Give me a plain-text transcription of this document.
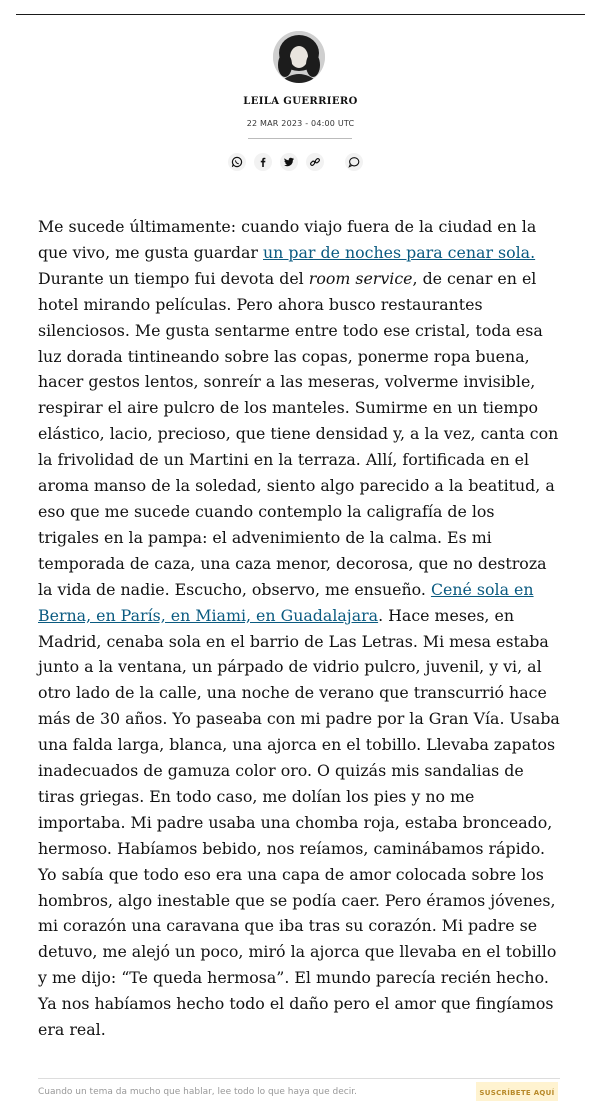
LEILA GUERRIERO
22 MAR 2023 - 04:00 UTC
Me sucede últimamente: cuando viajo fuera de la ciudad en la
que vivo, me gusta guardar un par de noches para cenar sola.
Durante un tiempo fui devota del room service, de cenar en el
hotel mirando películas. Pero ahora busco restaurantes
silenciosos. Me gusta sentarme entre todo ese cristal, toda esa
luz dorada tintineando sobre las copas, ponerme ropa buena,
hacer gestos lentos, sonreír a las meseras, volverme invisible,
respirar el aire pulcro de los manteles. Sumirme en un tiempo
elástico, lacio, precioso, que tiene densidad y, a la vez, canta con
la frivolidad de un Martini en la terraza. Allí, fortificada en el
aroma manso de la soledad, siento algo parecido a la beatitud, a
eso que me sucede cuando contemplo la caligrafía de los
trigales en la pampa: el advenimiento de la calma. Es mi
temporada de caza, una caza menor, decorosa, que no destroza
la vida de nadie. Escucho, observo, me ensueño. Cené sola en
Berna, en París, en Miami, en Guadalajara. Hace meses, en
Madrid, cenaba sola en el barrio de Las Letras. Mi mesa estaba
junto a la ventana, un párpado de vidrio pulcro, juvenil, y vi, al
otro lado de la calle, una noche de verano que transcurrió hace
más de 30 años. Yo paseaba con mi padre por la Gran Vía. Usaba
una falda larga, blanca, una ajorca en el tobillo. Llevaba zapatos
inadecuados de gamuza color oro. O quizás mis sandalias de
tiras griegas. En todo caso, me dolían los pies y no me
importaba. Mi padre usaba una chomba roja, estaba bronceado,
hermoso. Habíamos bebido, nos reíamos, caminábamos rápido.
Yo sabía que todo eso era una capa de amor colocada sobre los
hombros, algo inestable que se podía caer. Pero éramos jóvenes,
mi corazón una caravana que iba tras su corazón. Mi padre se
detuvo, me alejó un poco, miró la ajorca que llevaba en el tobillo
y me dijo: “Te queda hermosa”. El mundo parecía recién hecho.
Ya nos habíamos hecho todo el daño pero el amor que fingíamos
era real.
Cuando un tema da mucho que hablar, lee todo lo que haya que decir.	SUSCRÍBETE AQUÍ
